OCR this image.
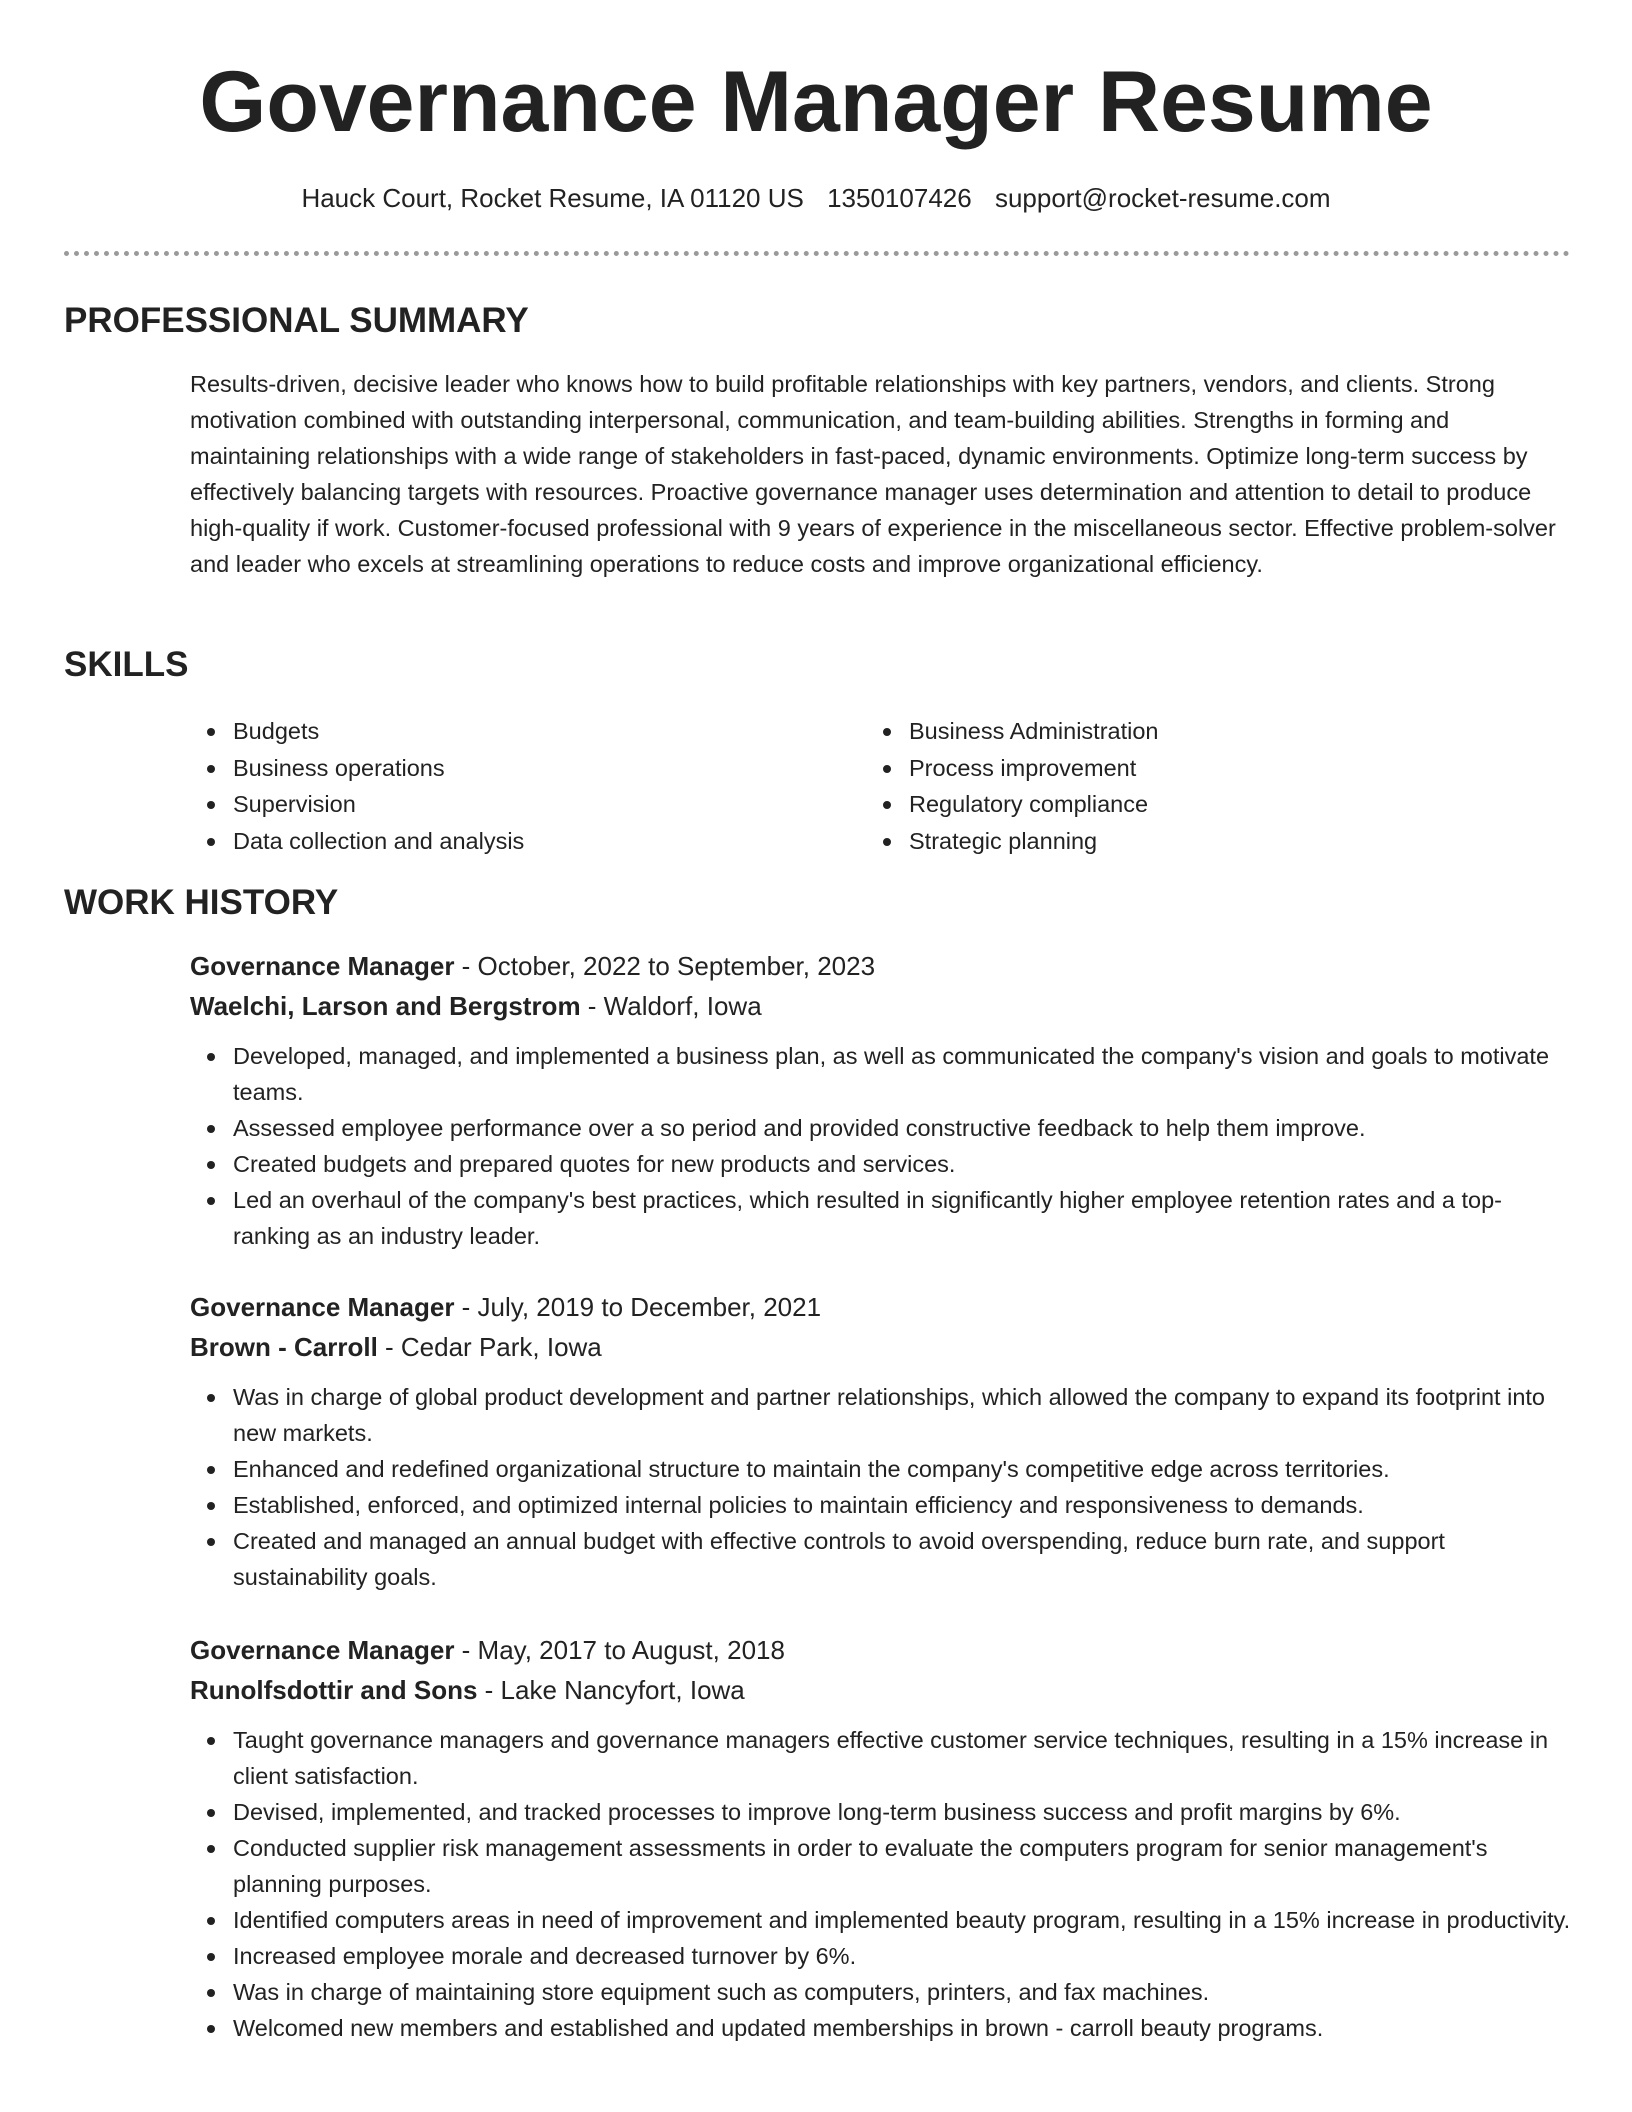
Governance Manager Resume
Hauck Court, Rocket Resume, IA 01120 US 1350107426 support@rocket-resume.com
PROFESSIONAL SUMMARY

Results-driven, decisive leader who knows how to build profitable relationships with key partners, vendors, and clients. Strong motivation combined with outstanding interpersonal, communication, and team-building abilities. Strengths in forming and maintaining relationships with a wide range of stakeholders in fast-paced, dynamic environments. Optimize long-term success by effectively balancing targets with resources. Proactive governance manager uses determination and attention to detail to produce high-quality if work. Customer-focused professional with 9 years of experience in the miscellaneous sector. Effective problem-solver and leader who excels at streamlining operations to reduce costs and improve organizational efficiency.

SKILLS
Budgets
Business operations
Supervision
Data collection and analysis
Business Administration
Process improvement
Regulatory compliance
Strategic planning
WORK HISTORY
Governance Manager - October, 2022 to September, 2023
Waelchi, Larson and Bergstrom - Waldorf, Iowa
Developed, managed, and implemented a business plan, as well as communicated the company's vision and goals to motivate teams.
Assessed employee performance over a so period and provided constructive feedback to help them improve.
Created budgets and prepared quotes for new products and services.
Led an overhaul of the company's best practices, which resulted in significantly higher employee retention rates and a top-ranking as an industry leader.
Governance Manager - July, 2019 to December, 2021
Brown - Carroll - Cedar Park, Iowa
Was in charge of global product development and partner relationships, which allowed the company to expand its footprint into new markets.
Enhanced and redefined organizational structure to maintain the company's competitive edge across territories.
Established, enforced, and optimized internal policies to maintain efficiency and responsiveness to demands.
Created and managed an annual budget with effective controls to avoid overspending, reduce burn rate, and support sustainability goals.
Governance Manager - May, 2017 to August, 2018
Runolfsdottir and Sons - Lake Nancyfort, Iowa
Taught governance managers and governance managers effective customer service techniques, resulting in a 15% increase in client satisfaction.
Devised, implemented, and tracked processes to improve long-term business success and profit margins by 6%.
Conducted supplier risk management assessments in order to evaluate the computers program for senior management's planning purposes.
Identified computers areas in need of improvement and implemented beauty program, resulting in a 15% increase in productivity.
Increased employee morale and decreased turnover by 6%.
Was in charge of maintaining store equipment such as computers, printers, and fax machines.
Welcomed new members and established and updated memberships in brown - carroll beauty programs.
